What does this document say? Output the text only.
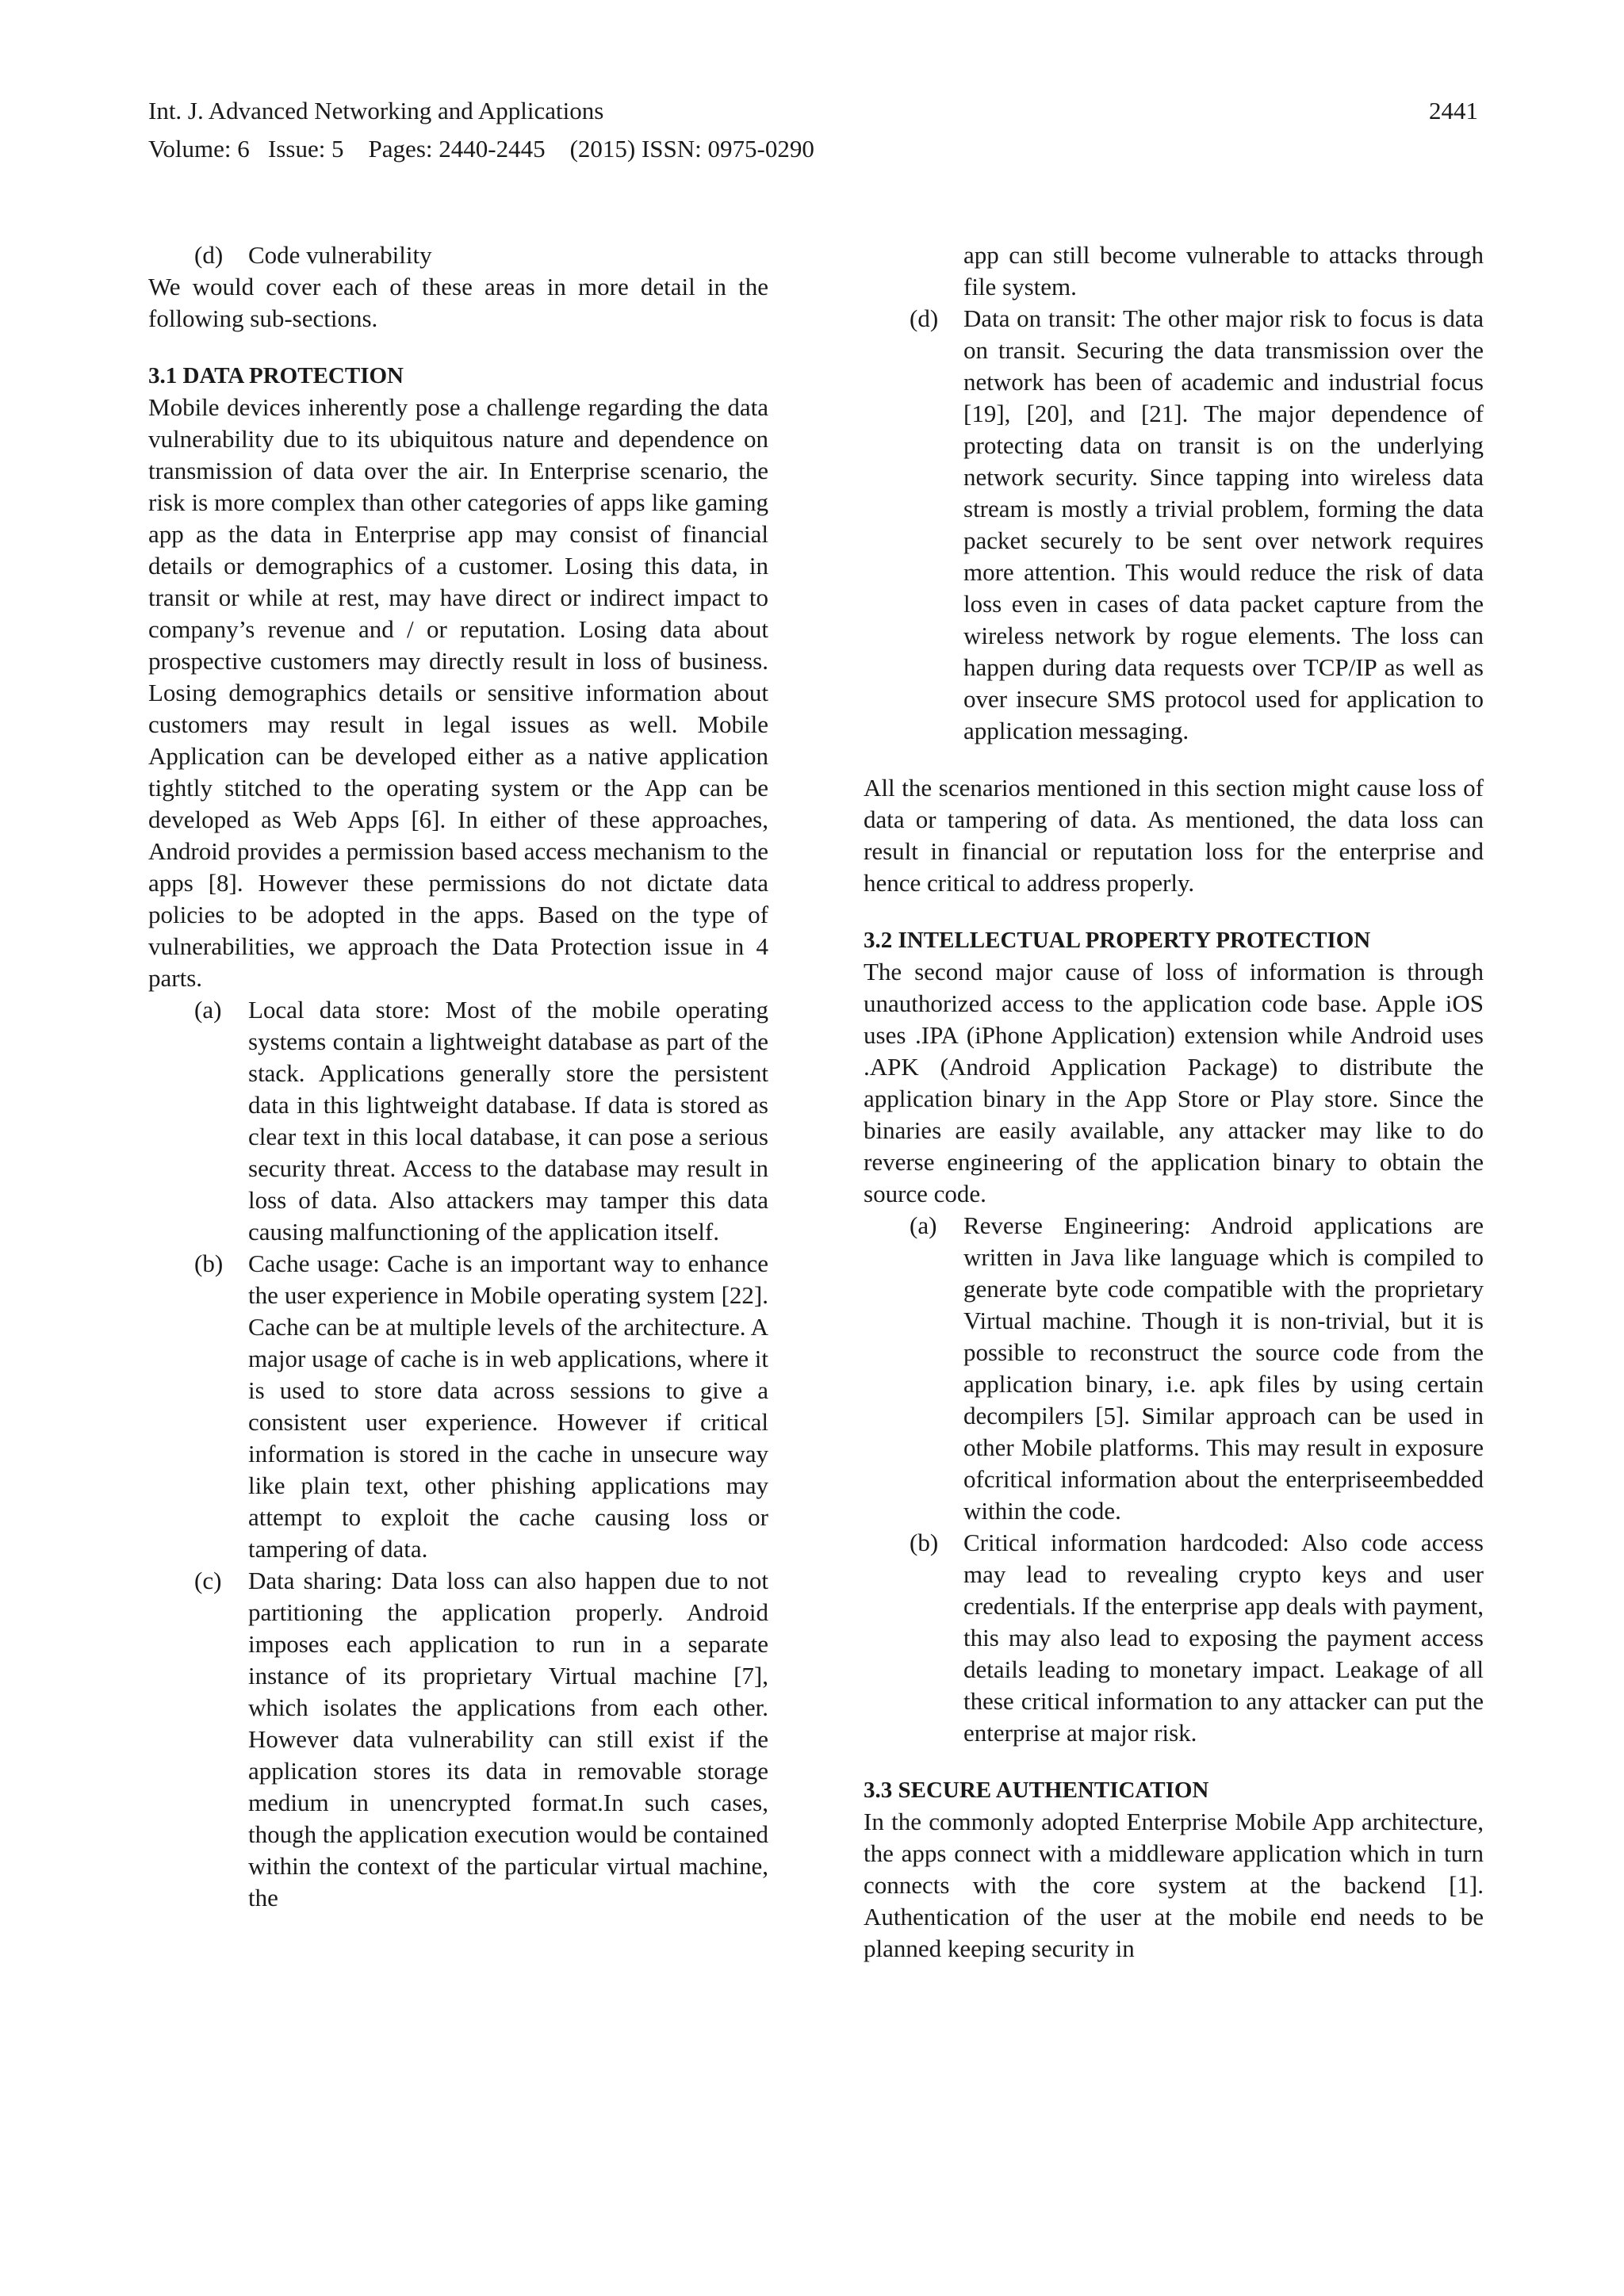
Int. J. Advanced Networking and Applications
Volume: 6   Issue: 5    Pages: 2440-2445    (2015) ISSN: 0975-0290
2441
(d) Code vulnerability

We would cover each of these areas in more detail in the following sub-sections.

3.1 DATA PROTECTION

Mobile devices inherently pose a challenge regarding the data vulnerability due to its ubiquitous nature and dependence on transmission of data over the air. In Enterprise scenario, the risk is more complex than other categories of apps like gaming app as the data in Enterprise app may consist of financial details or demographics of a customer. Losing this data, in transit or while at rest, may have direct or indirect impact to company’s revenue and / or reputation. Losing data about prospective customers may directly result in loss of business. Losing demographics details or sensitive information about customers may result in legal issues as well. Mobile Application can be developed either as a native application tightly stitched to the operating system or the App can be developed as Web Apps [6]. In either of these approaches, Android provides a permission based access mechanism to the apps [8]. However these permissions do not dictate data policies to be adopted in the apps. Based on the type of vulnerabilities, we approach the Data Protection issue in 4 parts.

(a) Local data store: Most of the mobile operating systems contain a lightweight database as part of the stack. Applications generally store the persistent data in this lightweight database. If data is stored as clear text in this local database, it can pose a serious security threat. Access to the database may result in loss of data. Also attackers may tamper this data causing malfunctioning of the application itself.
(b) Cache usage: Cache is an important way to enhance the user experience in Mobile operating system [22]. Cache can be at multiple levels of the architecture. A major usage of cache is in web applications, where it is used to store data across sessions to give a consistent user experience. However if critical information is stored in the cache in unsecure way like plain text, other phishing applications may attempt to exploit the cache causing loss or tampering of data.
(c) Data sharing: Data loss can also happen due to not partitioning the application properly. Android imposes each application to run in a separate instance of its proprietary Virtual machine [7], which isolates the applications from each other. However data vulnerability can still exist if the application stores its data in removable storage medium in unencrypted format.In such cases, though the application execution would be contained within the context of the particular virtual machine, the
app can still become vulnerable to attacks through file system.
(d) Data on transit: The other major risk to focus is data on transit. Securing the data transmission over the network has been of academic and industrial focus [19], [20], and [21]. The major dependence of protecting data on transit is on the underlying network security. Since tapping into wireless data stream is mostly a trivial problem, forming the data packet securely to be sent over network requires more attention. This would reduce the risk of data loss even in cases of data packet capture from the wireless network by rogue elements. The loss can happen during data requests over TCP/IP as well as over insecure SMS protocol used for application to application messaging.

All the scenarios mentioned in this section might cause loss of data or tampering of data. As mentioned, the data loss can result in financial or reputation loss for the enterprise and hence critical to address properly.

3.2 INTELLECTUAL PROPERTY PROTECTION

The second major cause of loss of information is through unauthorized access to the application code base. Apple iOS uses .IPA (iPhone Application) extension while Android uses .APK (Android Application Package) to distribute the application binary in the App Store or Play store. Since the binaries are easily available, any attacker may like to do reverse engineering of the application binary to obtain the source code.

(a) Reverse Engineering: Android applications are written in Java like language which is compiled to generate byte code compatible with the proprietary Virtual machine. Though it is non-trivial, but it is possible to reconstruct the source code from the application binary, i.e. apk files by using certain decompilers [5]. Similar approach can be used in other Mobile platforms. This may result in exposure ofcritical information about the enterpriseembedded within the code.
(b) Critical information hardcoded: Also code access may lead to revealing crypto keys and user credentials. If the enterprise app deals with payment, this may also lead to exposing the payment access details leading to monetary impact. Leakage of all these critical information to any attacker can put the enterprise at major risk.
3.3 SECURE AUTHENTICATION

In the commonly adopted Enterprise Mobile App architecture, the apps connect with a middleware application which in turn connects with the core system at the backend [1]. Authentication of the user at the mobile end needs to be planned keeping security in
